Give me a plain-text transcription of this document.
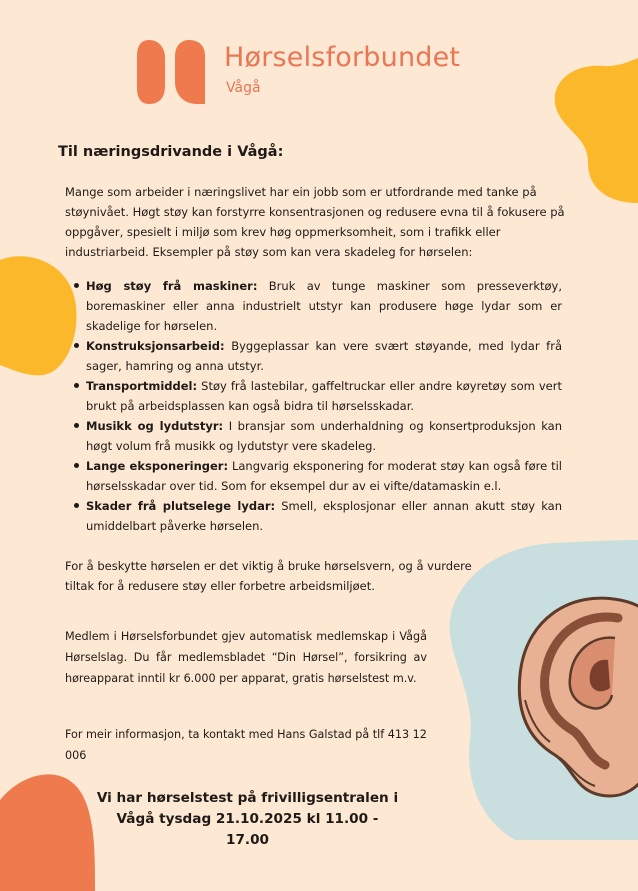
Hørselsforbundet
Vågå
Til næringsdrivande i Vågå:

Mange som arbeider i næringslivet har ein jobb som er utfordrande med tanke på støynivået. Høgt støy kan forstyrre konsentrasjonen og redusere evna til å fokusere på oppgåver, spesielt i miljø som krev høg oppmerksomheit, som i trafikk eller industriarbeid. Eksempler på støy som kan vera skadeleg for hørselen:

Høg støy frå maskiner: Bruk av tunge maskiner som presseverktøy, boremaskiner eller anna industrielt utstyr kan produsere høge lydar som er skadelige for hørselen.
Konstruksjonsarbeid: Byggeplassar kan vere svært støyande, med lydar frå sager, hamring og anna utstyr.
Transportmiddel: Støy frå lastebilar, gaffeltruckar eller andre køyretøy som vert brukt på arbeidsplassen kan også bidra til hørselsskadar.
Musikk og lydutstyr: I bransjar som underhaldning og konsertproduksjon kan høgt volum frå musikk og lydutstyr vere skadeleg.
Lange eksponeringer: Langvarig eksponering for moderat støy kan også føre til hørselsskadar over tid. Som for eksempel dur av ei vifte/datamaskin e.l.
Skader frå plutselege lydar: Smell, eksplosjonar eller annan akutt støy kan umiddelbart påverke hørselen.

For å beskytte hørselen er det viktig å bruke hørselsvern, og å vurdere tiltak for å redusere støy eller forbetre arbeidsmiljøet.

Medlem i Hørselsforbundet gjev automatisk medlemskap i Vågå Hørselslag. Du får medlemsbladet “Din Hørsel”, forsikring av høreapparat inntil kr 6.000 per apparat, gratis hørselstest m.v.

For meir informasjon, ta kontakt med Hans Galstad på tlf 413 12 006

Vi har hørselstest på frivilligsentralen i Vågå tysdag 21.10.2025 kl 11.00 - 17.00
